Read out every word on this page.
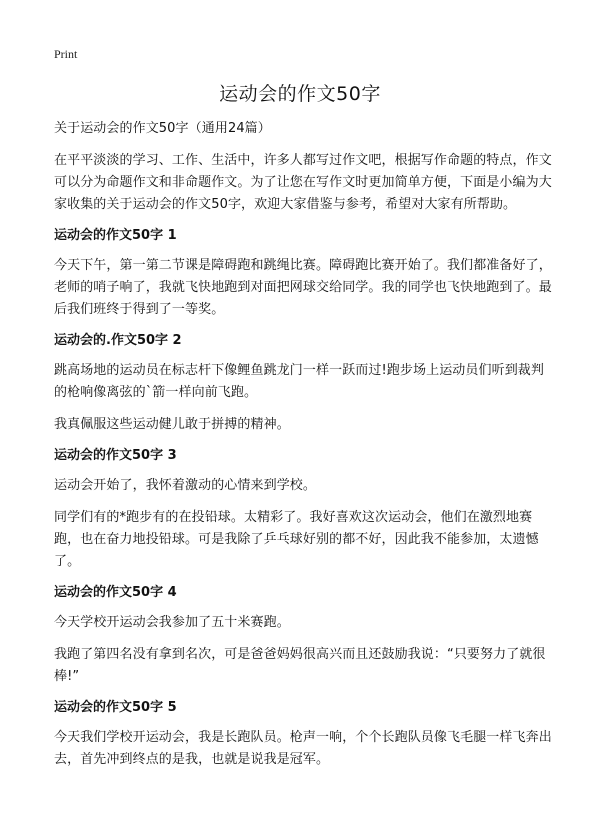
Print
运动会的作文50字

关于运动会的作文50字（通用24篇）

在平平淡淡的学习、工作、生活中，许多人都写过作文吧，根据写作命题的特点，作文可以分为命题作文和非命题作文。为了让您在写作文时更加简单方便，下面是小编为大家收集的关于运动会的作文50字，欢迎大家借鉴与参考，希望对大家有所帮助。

运动会的作文50字 1

今天下午，第一第二节课是障碍跑和跳绳比赛。障碍跑比赛开始了。我们都准备好了，老师的哨子响了，我就飞快地跑到对面把网球交给同学。我的同学也飞快地跑到了。最后我们班终于得到了一等奖。

运动会的.作文50字 2

跳高场地的运动员在标志杆下像鲤鱼跳龙门一样一跃而过!跑步场上运动员们听到裁判的枪响像离弦的`箭一样向前飞跑。

我真佩服这些运动健儿敢于拼搏的精神。

运动会的作文50字 3

运动会开始了，我怀着激动的心情来到学校。

同学们有的*跑步有的在投铅球。太精彩了。我好喜欢这次运动会，他们在激烈地赛跑，也在奋力地投铅球。可是我除了乒乓球好别的都不好，因此我不能参加，太遗憾了。

运动会的作文50字 4

今天学校开运动会我参加了五十米赛跑。

我跑了第四名没有拿到名次，可是爸爸妈妈很高兴而且还鼓励我说：“只要努力了就很棒!”

运动会的作文50字 5

今天我们学校开运动会，我是长跑队员。枪声一响，个个长跑队员像飞毛腿一样飞奔出去，首先冲到终点的是我，也就是说我是冠军。
